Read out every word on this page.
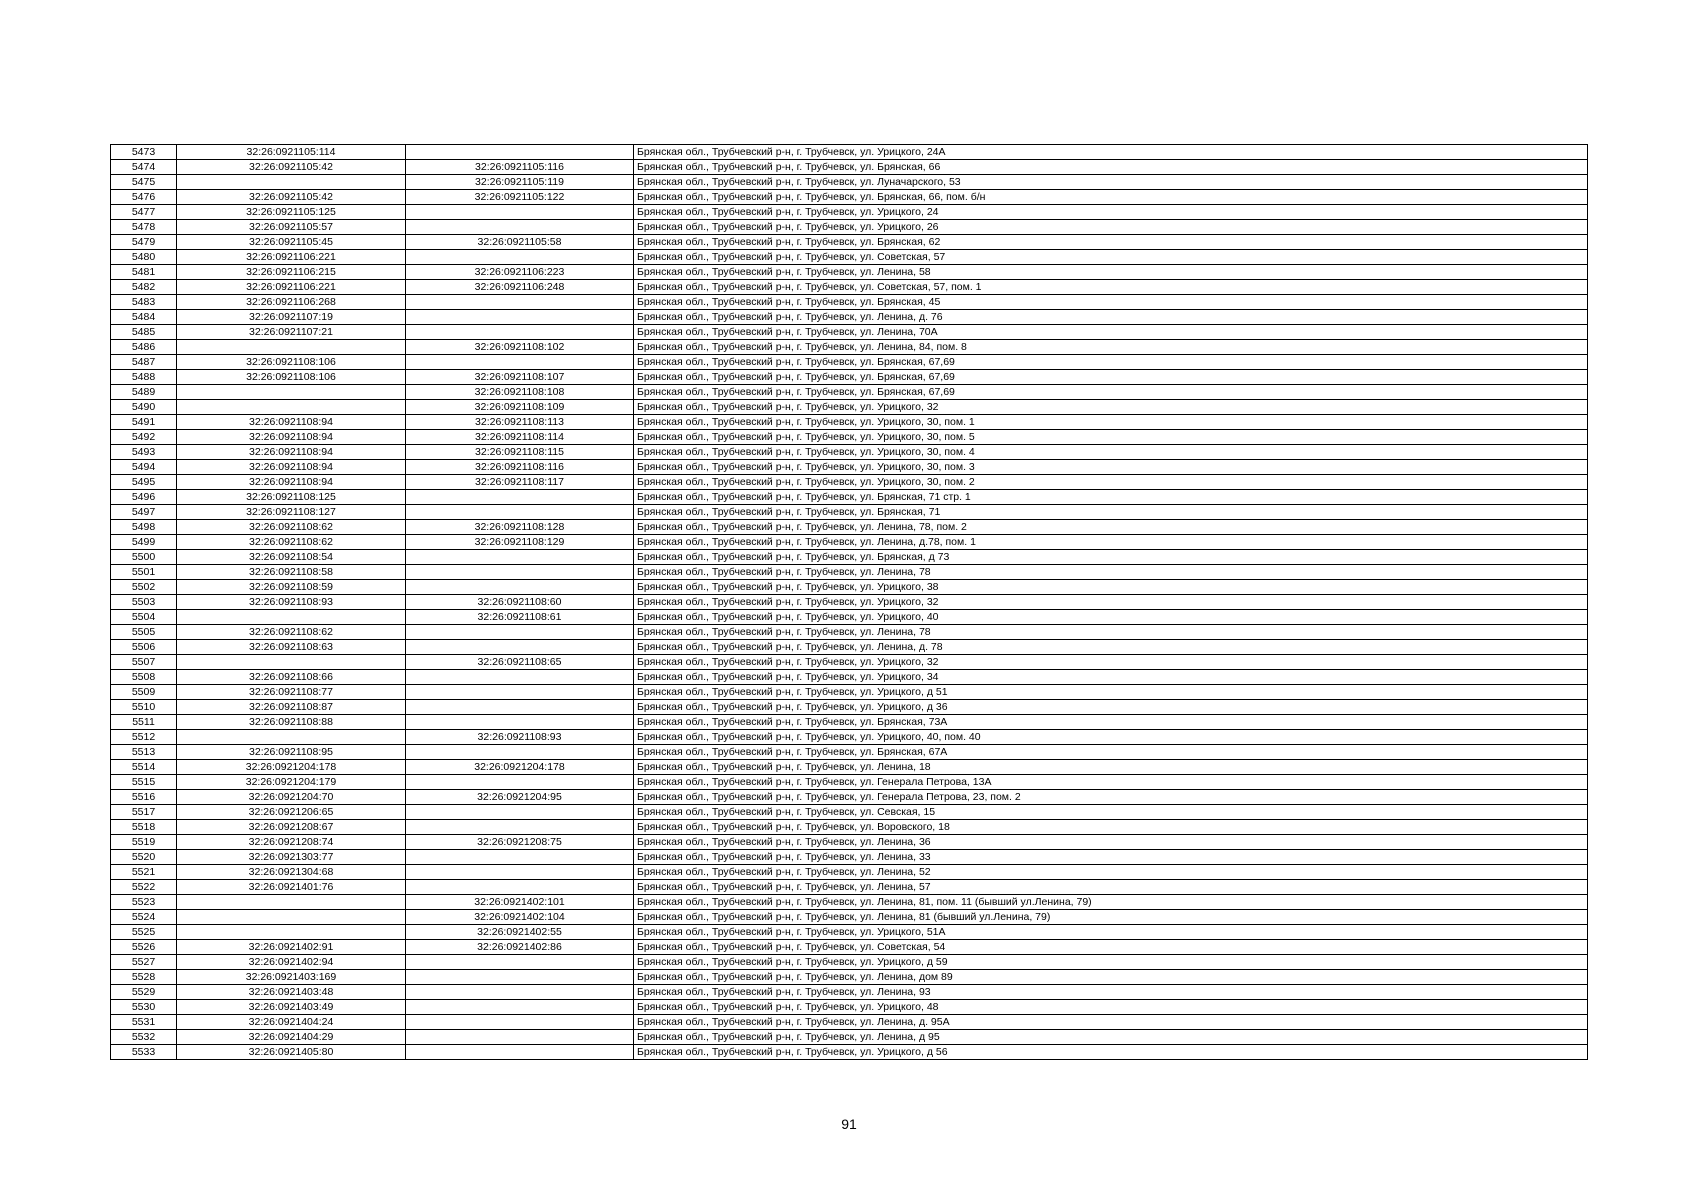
5473	32:26:0921105:114		Брянская обл., Трубчевский р-н, г. Трубчевск, ул. Урицкого, 24А
5474	32:26:0921105:42	32:26:0921105:116	Брянская обл., Трубчевский р-н, г. Трубчевск, ул. Брянская, 66
5475		32:26:0921105:119	Брянская обл., Трубчевский р-н, г. Трубчевск, ул. Луначарского, 53
5476	32:26:0921105:42	32:26:0921105:122	Брянская обл., Трубчевский р-н, г. Трубчевск, ул. Брянская, 66, пом. б/н
5477	32:26:0921105:125		Брянская обл., Трубчевский р-н, г. Трубчевск, ул. Урицкого, 24
5478	32:26:0921105:57		Брянская обл., Трубчевский р-н, г. Трубчевск, ул. Урицкого, 26
5479	32:26:0921105:45	32:26:0921105:58	Брянская обл., Трубчевский р-н, г. Трубчевск, ул. Брянская, 62
5480	32:26:0921106:221		Брянская обл., Трубчевский р-н, г. Трубчевск, ул. Советская, 57
5481	32:26:0921106:215	32:26:0921106:223	Брянская обл., Трубчевский р-н, г. Трубчевск, ул. Ленина, 58
5482	32:26:0921106:221	32:26:0921106:248	Брянская обл., Трубчевский р-н, г. Трубчевск, ул. Советская, 57, пом. 1
5483	32:26:0921106:268		Брянская обл., Трубчевский р-н, г. Трубчевск, ул. Брянская, 45
5484	32:26:0921107:19		Брянская обл., Трубчевский р-н, г. Трубчевск, ул. Ленина, д. 76
5485	32:26:0921107:21		Брянская обл., Трубчевский р-н, г. Трубчевск, ул. Ленина, 70А
5486		32:26:0921108:102	Брянская обл., Трубчевский р-н, г. Трубчевск, ул. Ленина, 84, пом. 8
5487	32:26:0921108:106		Брянская обл., Трубчевский р-н, г. Трубчевск, ул. Брянская, 67,69
5488	32:26:0921108:106	32:26:0921108:107	Брянская обл., Трубчевский р-н, г. Трубчевск, ул. Брянская, 67,69
5489		32:26:0921108:108	Брянская обл., Трубчевский р-н, г. Трубчевск, ул. Брянская, 67,69
5490		32:26:0921108:109	Брянская обл., Трубчевский р-н, г. Трубчевск, ул. Урицкого, 32
5491	32:26:0921108:94	32:26:0921108:113	Брянская обл., Трубчевский р-н, г. Трубчевск, ул. Урицкого, 30, пом. 1
5492	32:26:0921108:94	32:26:0921108:114	Брянская обл., Трубчевский р-н, г. Трубчевск, ул. Урицкого, 30, пом. 5
5493	32:26:0921108:94	32:26:0921108:115	Брянская обл., Трубчевский р-н, г. Трубчевск, ул. Урицкого, 30, пом. 4
5494	32:26:0921108:94	32:26:0921108:116	Брянская обл., Трубчевский р-н, г. Трубчевск, ул. Урицкого, 30, пом. 3
5495	32:26:0921108:94	32:26:0921108:117	Брянская обл., Трубчевский р-н, г. Трубчевск, ул. Урицкого, 30, пом. 2
5496	32:26:0921108:125		Брянская обл., Трубчевский р-н, г. Трубчевск, ул. Брянская, 71 стр. 1
5497	32:26:0921108:127		Брянская обл., Трубчевский р-н, г. Трубчевск, ул. Брянская, 71
5498	32:26:0921108:62	32:26:0921108:128	Брянская обл., Трубчевский р-н, г. Трубчевск, ул. Ленина, 78, пом. 2
5499	32:26:0921108:62	32:26:0921108:129	Брянская обл., Трубчевский р-н, г. Трубчевск, ул. Ленина, д.78, пом. 1
5500	32:26:0921108:54		Брянская обл., Трубчевский р-н, г. Трубчевск, ул. Брянская, д 73
5501	32:26:0921108:58		Брянская обл., Трубчевский р-н, г. Трубчевск, ул. Ленина, 78
5502	32:26:0921108:59		Брянская обл., Трубчевский р-н, г. Трубчевск, ул. Урицкого, 38
5503	32:26:0921108:93	32:26:0921108:60	Брянская обл., Трубчевский р-н, г. Трубчевск, ул. Урицкого, 32
5504		32:26:0921108:61	Брянская обл., Трубчевский р-н, г. Трубчевск, ул. Урицкого, 40
5505	32:26:0921108:62		Брянская обл., Трубчевский р-н, г. Трубчевск, ул. Ленина, 78
5506	32:26:0921108:63		Брянская обл., Трубчевский р-н, г. Трубчевск, ул. Ленина, д. 78
5507		32:26:0921108:65	Брянская обл., Трубчевский р-н, г. Трубчевск, ул. Урицкого, 32
5508	32:26:0921108:66		Брянская обл., Трубчевский р-н, г. Трубчевск, ул. Урицкого, 34
5509	32:26:0921108:77		Брянская обл., Трубчевский р-н, г. Трубчевск, ул. Урицкого, д 51
5510	32:26:0921108:87		Брянская обл., Трубчевский р-н, г. Трубчевск, ул. Урицкого, д 36
5511	32:26:0921108:88		Брянская обл., Трубчевский р-н, г. Трубчевск, ул. Брянская, 73А
5512		32:26:0921108:93	Брянская обл., Трубчевский р-н, г. Трубчевск, ул. Урицкого, 40, пом. 40
5513	32:26:0921108:95		Брянская обл., Трубчевский р-н, г. Трубчевск, ул. Брянская, 67А
5514	32:26:0921204:178	32:26:0921204:178	Брянская обл., Трубчевский р-н, г. Трубчевск, ул. Ленина, 18
5515	32:26:0921204:179		Брянская обл., Трубчевский р-н, г. Трубчевск, ул. Генерала Петрова, 13А
5516	32:26:0921204:70	32:26:0921204:95	Брянская обл., Трубчевский р-н, г. Трубчевск, ул. Генерала Петрова, 23, пом. 2
5517	32:26:0921206:65		Брянская обл., Трубчевский р-н, г. Трубчевск, ул. Севская, 15
5518	32:26:0921208:67		Брянская обл., Трубчевский р-н, г. Трубчевск, ул. Воровского, 18
5519	32:26:0921208:74	32:26:0921208:75	Брянская обл., Трубчевский р-н, г. Трубчевск, ул. Ленина, 36
5520	32:26:0921303:77		Брянская обл., Трубчевский р-н, г. Трубчевск, ул. Ленина, 33
5521	32:26:0921304:68		Брянская обл., Трубчевский р-н, г. Трубчевск, ул. Ленина, 52
5522	32:26:0921401:76		Брянская обл., Трубчевский р-н, г. Трубчевск, ул. Ленина, 57
5523		32:26:0921402:101	Брянская обл., Трубчевский р-н, г. Трубчевск, ул. Ленина, 81, пом. 11 (бывший ул.Ленина, 79)
5524		32:26:0921402:104	Брянская обл., Трубчевский р-н, г. Трубчевск, ул. Ленина, 81 (бывший ул.Ленина, 79)
5525		32:26:0921402:55	Брянская обл., Трубчевский р-н, г. Трубчевск, ул. Урицкого, 51А
5526	32:26:0921402:91	32:26:0921402:86	Брянская обл., Трубчевский р-н, г. Трубчевск, ул. Советская, 54
5527	32:26:0921402:94		Брянская обл., Трубчевский р-н, г. Трубчевск, ул. Урицкого, д 59
5528	32:26:0921403:169		Брянская обл., Трубчевский р-н, г. Трубчевск, ул. Ленина, дом 89
5529	32:26:0921403:48		Брянская обл., Трубчевский р-н, г. Трубчевск, ул. Ленина, 93
5530	32:26:0921403:49		Брянская обл., Трубчевский р-н, г. Трубчевск, ул. Урицкого, 48
5531	32:26:0921404:24		Брянская обл., Трубчевский р-н, г. Трубчевск, ул. Ленина, д. 95А
5532	32:26:0921404:29		Брянская обл., Трубчевский р-н, г. Трубчевск, ул. Ленина, д 95
5533	32:26:0921405:80		Брянская обл., Трубчевский р-н, г. Трубчевск, ул. Урицкого, д 56
91
